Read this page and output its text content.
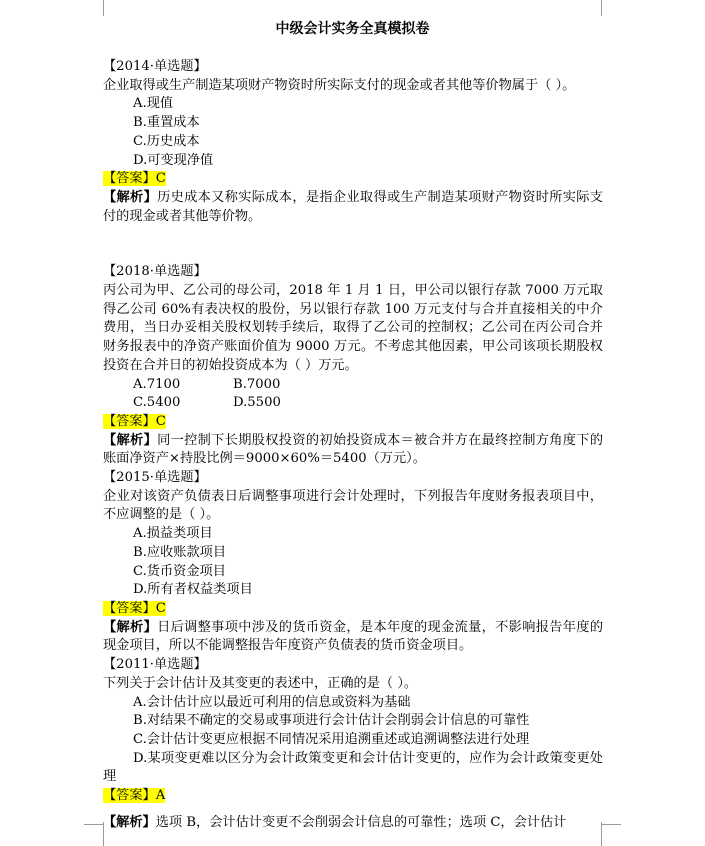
中级会计实务全真模拟卷

【2014·单选题】

企业取得或生产制造某项财产物资时所实际支付的现金或者其他等价物属于（ ）。

A.现值

B.重置成本

C.历史成本

D.可变现净值

【答案】C

【解析】历史成本又称实际成本，是指企业取得或生产制造某项财产物资时所实际支付的现金或者其他等价物。

【2018·单选题】

丙公司为甲、乙公司的母公司，2018 年 1 月 1 日，甲公司以银行存款 7000 万元取得乙公司 60%有表决权的股份，另以银行存款 100 万元支付与合并直接相关的中介费用，当日办妥相关股权划转手续后，取得了乙公司的控制权；乙公司在丙公司合并财务报表中的净资产账面价值为 9000 万元。不考虑其他因素，甲公司该项长期股权投资在合并日的初始投资成本为（ ）万元。

A.7100	B.7000
C.5400	D.5500

【答案】C

【解析】同一控制下长期股权投资的初始投资成本＝被合并方在最终控制方角度下的账面净资产×持股比例＝9000×60%＝5400（万元）。

【2015·单选题】

企业对该资产负债表日后调整事项进行会计处理时，下列报告年度财务报表项目中，不应调整的是（ ）。

A.损益类项目

B.应收账款项目

C.货币资金项目

D.所有者权益类项目

【答案】C

【解析】日后调整事项中涉及的货币资金，是本年度的现金流量，不影响报告年度的现金项目，所以不能调整报告年度资产负债表的货币资金项目。

【2011·单选题】

下列关于会计估计及其变更的表述中，正确的是（ ）。

A.会计估计应以最近可利用的信息或资料为基础

B.对结果不确定的交易或事项进行会计估计会削弱会计信息的可靠性

C.会计估计变更应根据不同情况采用追溯重述或追溯调整法进行处理

D.某项变更难以区分为会计政策变更和会计估计变更的，应作为会计政策变更处理

【答案】A

【解析】选项 B，会计估计变更不会削弱会计信息的可靠性；选项 C，会计估计
